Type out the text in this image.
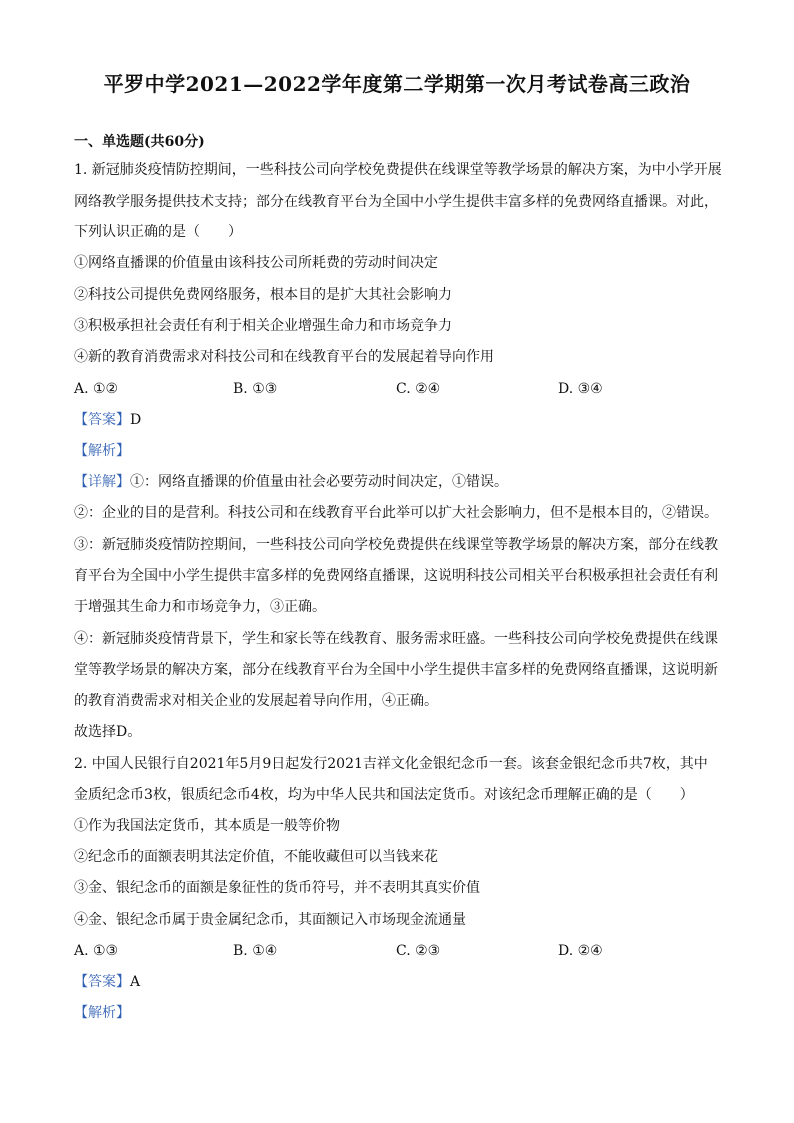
平罗中学2021—2022学年度第二学期第一次月考试卷高三政治
一、单选题(共60分)
1. 新冠肺炎疫情防控期间，一些科技公司向学校免费提供在线课堂等教学场景的解决方案，为中小学开展
网络教学服务提供技术支持；部分在线教育平台为全国中小学生提供丰富多样的免费网络直播课。对此，
下列认识正确的是（　　）
①网络直播课的价值量由该科技公司所耗费的劳动时间决定
②科技公司提供免费网络服务，根本目的是扩大其社会影响力
③积极承担社会责任有利于相关企业增强生命力和市场竞争力
④新的教育消费需求对科技公司和在线教育平台的发展起着导向作用
A. ①②	B. ①③	C. ②④	D. ③④
【答案】D
【解析】
【详解】①：网络直播课的价值量由社会必要劳动时间决定，①错误。
②：企业的目的是营利。科技公司和在线教育平台此举可以扩大社会影响力，但不是根本目的，②错误。
③：新冠肺炎疫情防控期间，一些科技公司向学校免费提供在线课堂等教学场景的解决方案，部分在线教
育平台为全国中小学生提供丰富多样的免费网络直播课，这说明科技公司相关平台积极承担社会责任有利
于增强其生命力和市场竞争力，③正确。
④：新冠肺炎疫情背景下，学生和家长等在线教育、服务需求旺盛。一些科技公司向学校免费提供在线课
堂等教学场景的解决方案，部分在线教育平台为全国中小学生提供丰富多样的免费网络直播课，这说明新
的教育消费需求对相关企业的发展起着导向作用，④正确。
故选择D。
2. 中国人民银行自2021年5月9日起发行2021吉祥文化金银纪念币一套。该套金银纪念币共7枚，其中
金质纪念币3枚，银质纪念币4枚，均为中华人民共和国法定货币。对该纪念币理解正确的是（　　）
①作为我国法定货币，其本质是一般等价物
②纪念币的面额表明其法定价值，不能收藏但可以当钱来花
③金、银纪念币的面额是象征性的货币符号，并不表明其真实价值
④金、银纪念币属于贵金属纪念币，其面额记入市场现金流通量
A. ①③	B. ①④	C. ②③	D. ②④
【答案】A
【解析】
